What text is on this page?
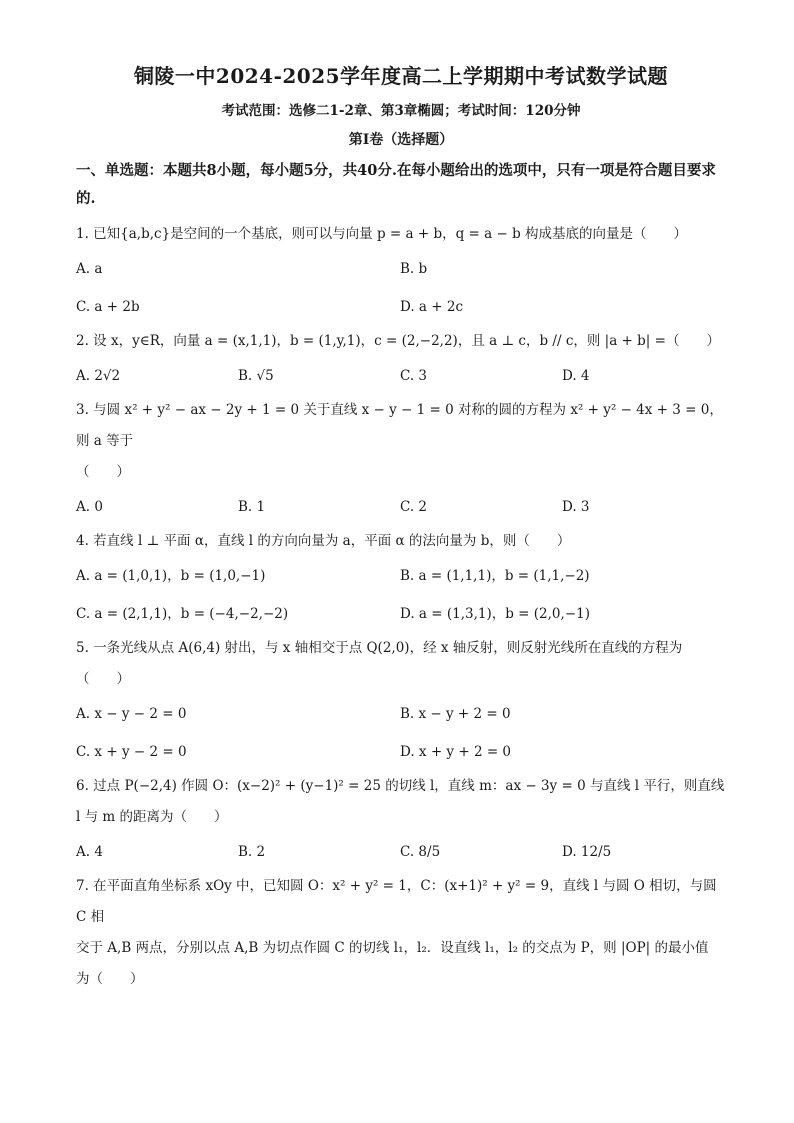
铜陵一中2024-2025学年度高二上学期期中考试数学试题
考试范围：选修二1-2章、第3章椭圆；考试时间：120分钟
第I卷（选择题）
一、单选题：本题共8小题，每小题5分，共40分.在每小题给出的选项中，只有一项是符合题目要求的.
1. 已知{a,b,c}是空间的一个基底，则可以与向量 p = a + b，q = a − b 构成基底的向量是（　　）
A. a	B. b
C. a + 2b	D. a + 2c
2. 设 x，y∈R，向量 a = (x,1,1)，b = (1,y,1)，c = (2,−2,2)，且 a ⊥ c，b // c，则 |a + b| =（　　）
A. 2√2	B. √5	C. 3	D. 4
3. 与圆 x² + y² − ax − 2y + 1 = 0 关于直线 x − y − 1 = 0 对称的圆的方程为 x² + y² − 4x + 3 = 0，则 a 等于
（　　）
A. 0	B. 1	C. 2	D. 3
4. 若直线 l ⊥ 平面 α，直线 l 的方向向量为 a，平面 α 的法向量为 b，则（　　）
A. a = (1,0,1)，b = (1,0,−1)	B. a = (1,1,1)，b = (1,1,−2)
C. a = (2,1,1)，b = (−4,−2,−2)	D. a = (1,3,1)，b = (2,0,−1)
5. 一条光线从点 A(6,4) 射出，与 x 轴相交于点 Q(2,0)，经 x 轴反射，则反射光线所在直线的方程为
（　　）
A. x − y − 2 = 0	B. x − y + 2 = 0
C. x + y − 2 = 0	D. x + y + 2 = 0
6. 过点 P(−2,4) 作圆 O：(x−2)² + (y−1)² = 25 的切线 l，直线 m：ax − 3y = 0 与直线 l 平行，则直线
l 与 m 的距离为（　　）
A. 4	B. 2	C. 8/5	D. 12/5
7. 在平面直角坐标系 xOy 中，已知圆 O：x² + y² = 1，C：(x+1)² + y² = 9，直线 l 与圆 O 相切，与圆 C 相
交于 A,B 两点，分别以点 A,B 为切点作圆 C 的切线 l₁，l₂．设直线 l₁，l₂ 的交点为 P，则 |OP| 的最小值
为（　　）
